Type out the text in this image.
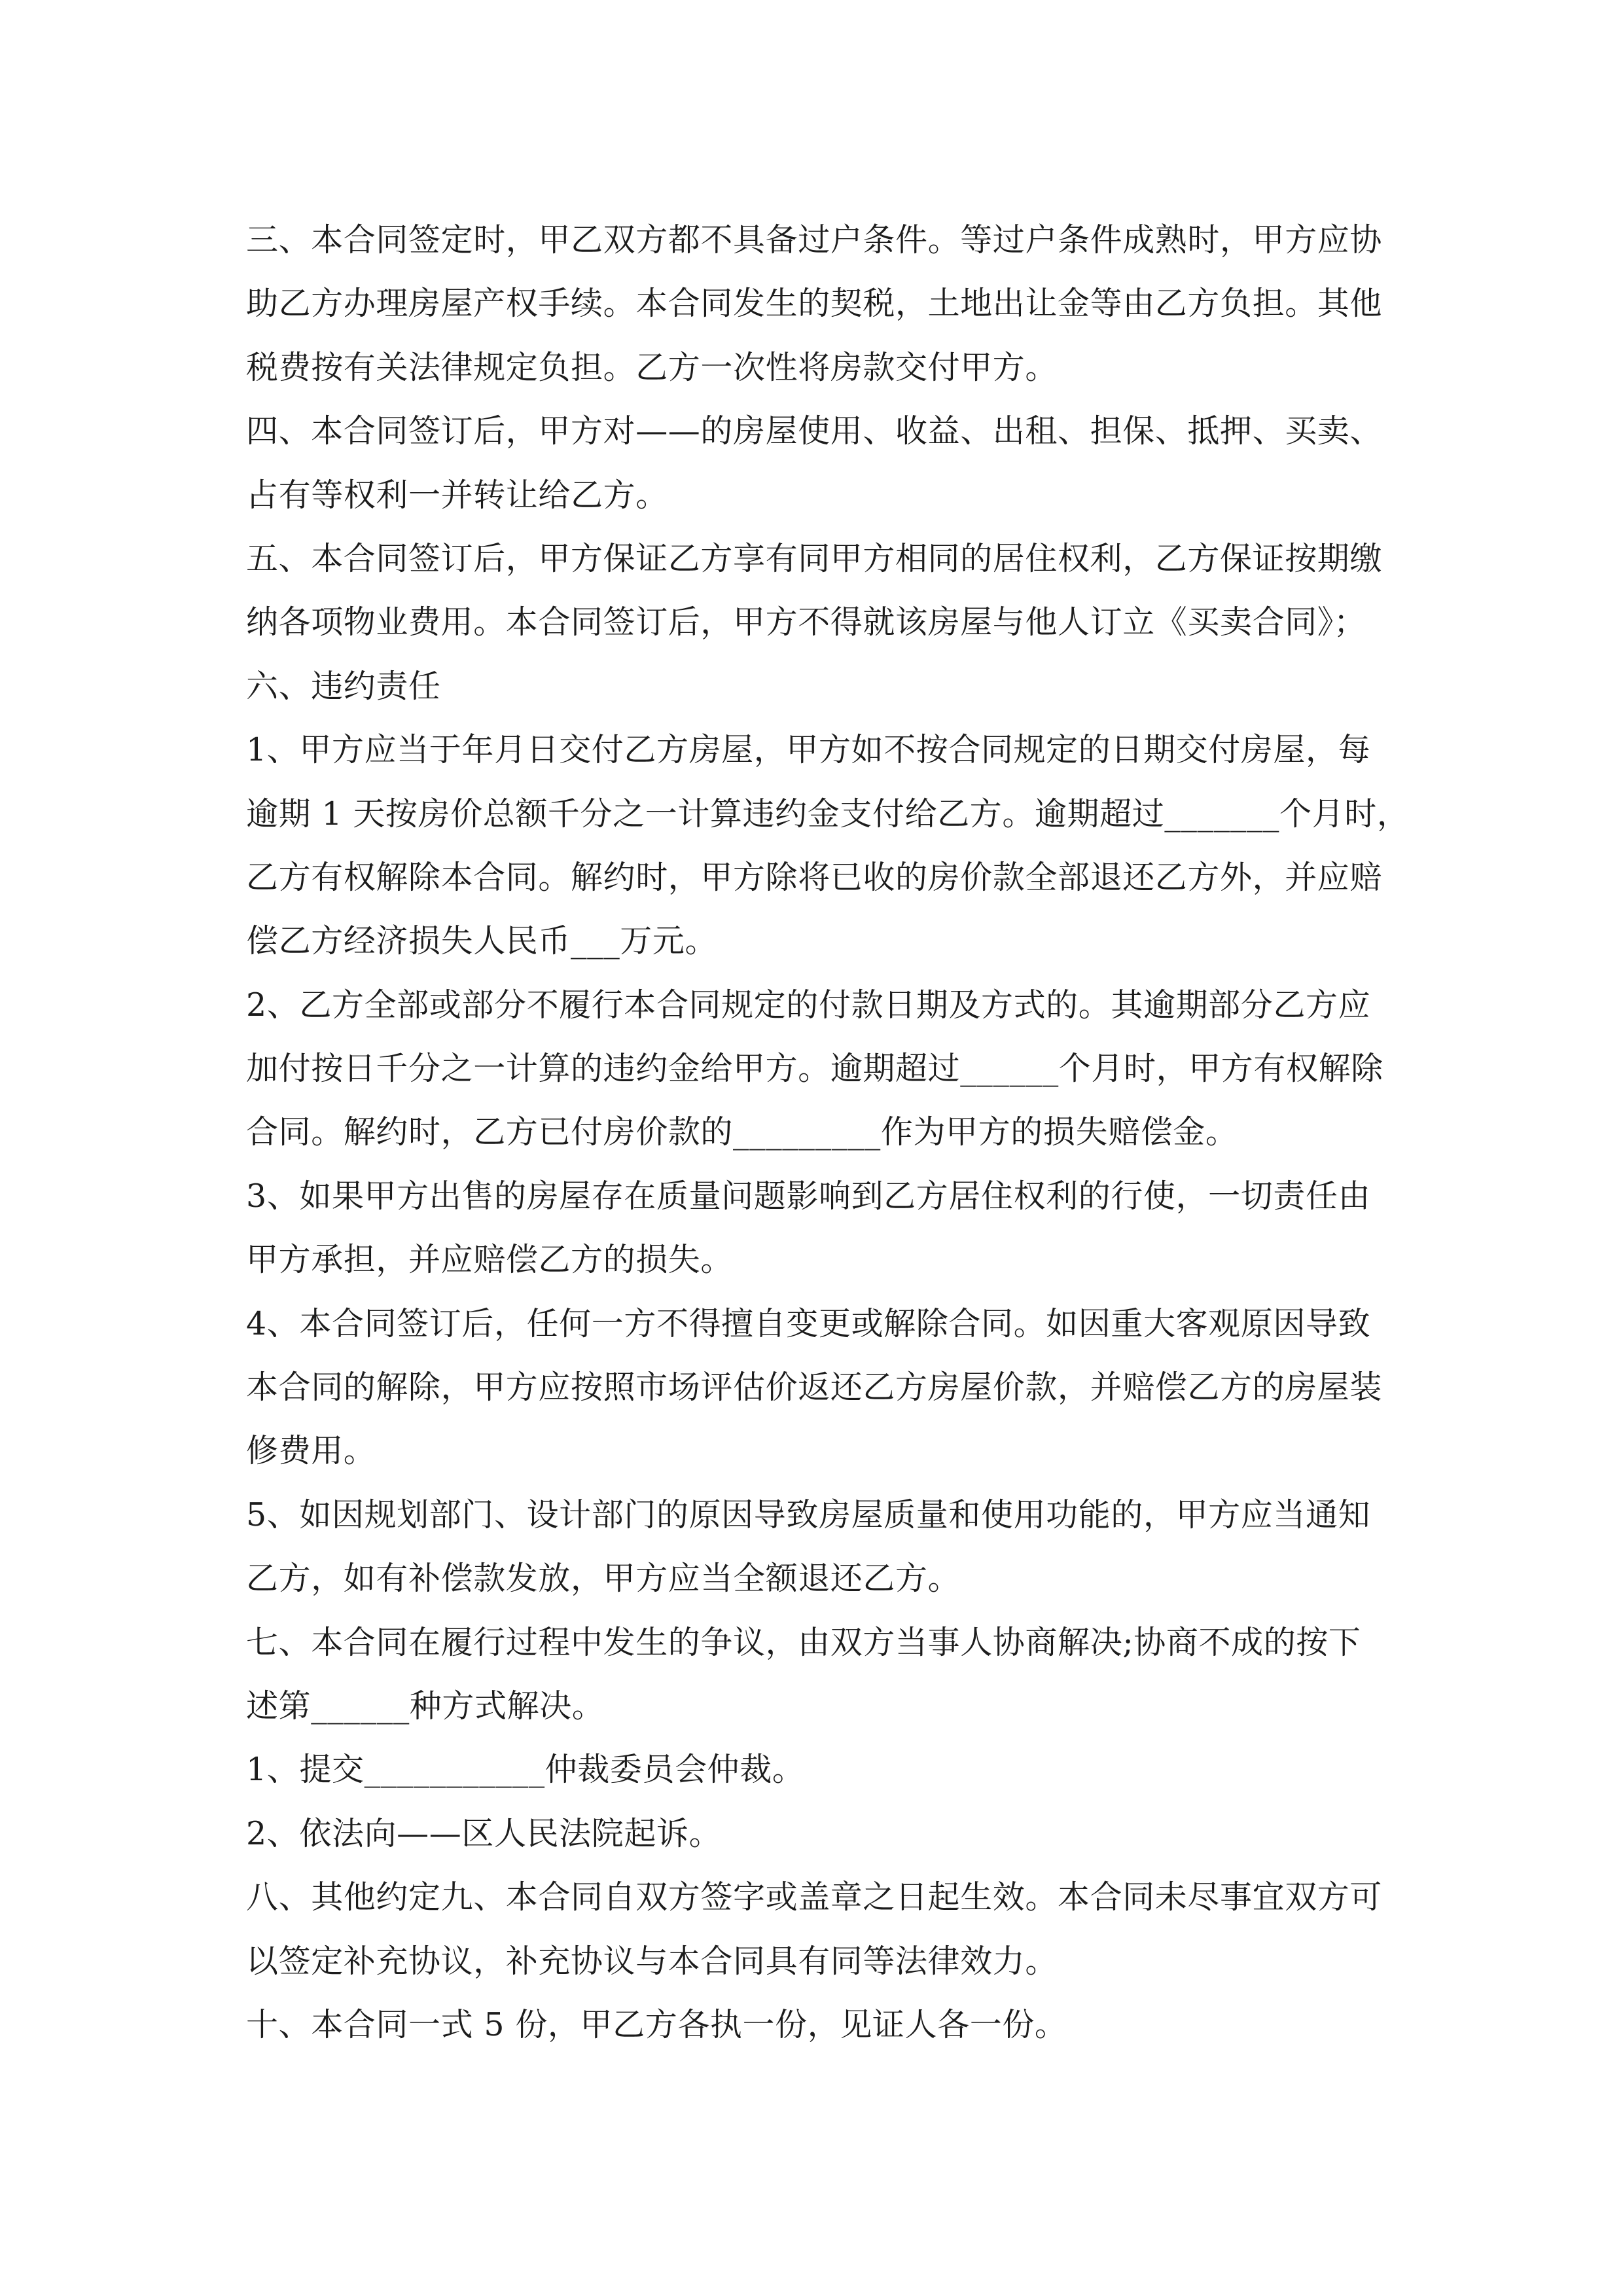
三、本合同签定时，甲乙双方都不具备过户条件。等过户条件成熟时，甲方应协
助乙方办理房屋产权手续。本合同发生的契税，土地出让金等由乙方负担。其他
税费按有关法律规定负担。乙方一次性将房款交付甲方。
四、本合同签订后，甲方对——的房屋使用、收益、出租、担保、抵押、买卖、
占有等权利一并转让给乙方。
五、本合同签订后，甲方保证乙方享有同甲方相同的居住权利，乙方保证按期缴
纳各项物业费用。本合同签订后，甲方不得就该房屋与他人订立《买卖合同》；
六、违约责任
1、甲方应当于年月日交付乙方房屋，甲方如不按合同规定的日期交付房屋，每
逾期 1 天按房价总额千分之一计算违约金支付给乙方。逾期超过_______个月时，
乙方有权解除本合同。解约时，甲方除将已收的房价款全部退还乙方外，并应赔
偿乙方经济损失人民币___万元。
2、乙方全部或部分不履行本合同规定的付款日期及方式的。其逾期部分乙方应
加付按日千分之一计算的违约金给甲方。逾期超过______个月时，甲方有权解除
合同。解约时，乙方已付房价款的_________作为甲方的损失赔偿金。
3、如果甲方出售的房屋存在质量问题影响到乙方居住权利的行使，一切责任由
甲方承担，并应赔偿乙方的损失。
4、本合同签订后，任何一方不得擅自变更或解除合同。如因重大客观原因导致
本合同的解除，甲方应按照市场评估价返还乙方房屋价款，并赔偿乙方的房屋装
修费用。
5、如因规划部门、设计部门的原因导致房屋质量和使用功能的，甲方应当通知
乙方，如有补偿款发放，甲方应当全额退还乙方。
七、本合同在履行过程中发生的争议，由双方当事人协商解决;协商不成的按下
述第______种方式解决。
1、提交___________仲裁委员会仲裁。
2、依法向——区人民法院起诉。
八、其他约定九、本合同自双方签字或盖章之日起生效。本合同未尽事宜双方可
以签定补充协议，补充协议与本合同具有同等法律效力。
十、本合同一式 5 份，甲乙方各执一份，见证人各一份。
